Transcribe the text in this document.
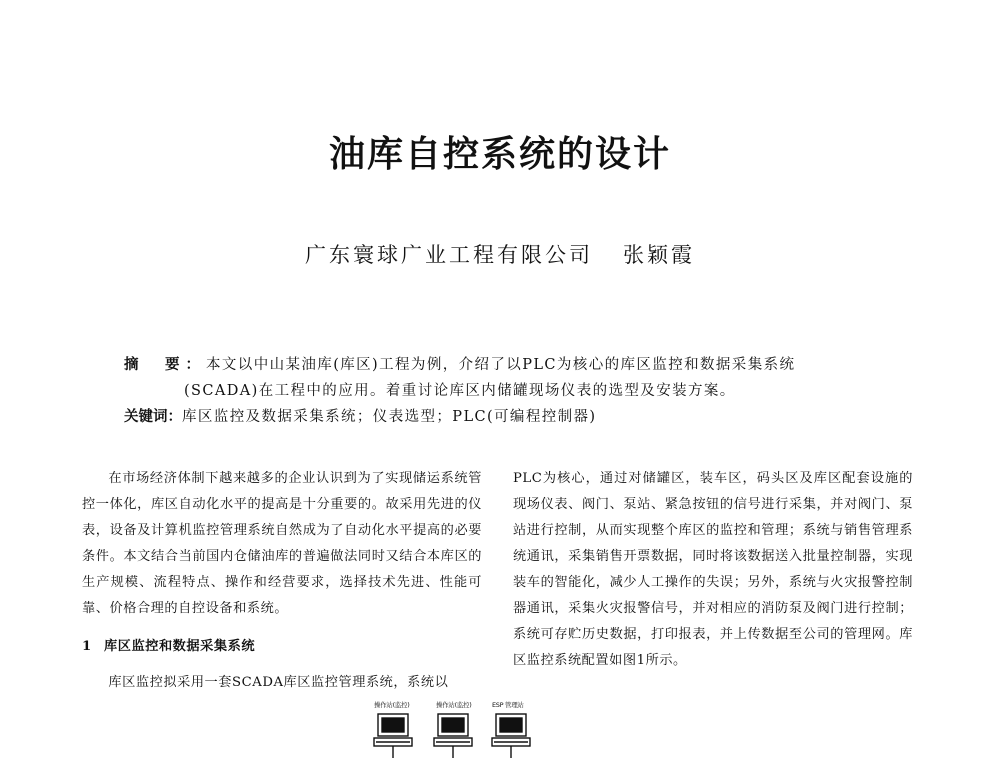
油库自控系统的设计
广东寰球广业工程有限公司 张颖霞
摘　要：本文以中山某油库(库区)工程为例，介绍了以PLC为核心的库区监控和数据采集系统
(SCADA)在工程中的应用。着重讨论库区内储罐现场仪表的选型及安装方案。
关键词：库区监控及数据采集系统；仪表选型；PLC(可编程控制器)

在市场经济体制下越来越多的企业认识到为了实现储运系统管控一体化，库区自动化水平的提高是十分重要的。故采用先进的仪表，设备及计算机监控管理系统自然成为了自动化水平提高的必要条件。本文结合当前国内仓储油库的普遍做法同时又结合本库区的生产规模、流程特点、操作和经营要求，选择技术先进、性能可靠、价格合理的自控设备和系统。

1 库区监控和数据采集系统

库区监控拟采用一套SCADA库区监控管理系统，系统以

PLC为核心，通过对储罐区，装车区，码头区及库区配套设施的现场仪表、阀门、泵站、紧急按钮的信号进行采集，并对阀门、泵站进行控制，从而实现整个库区的监控和管理；系统与销售管理系统通讯，采集销售开票数据，同时将该数据送入批量控制器，实现装车的智能化，减少人工操作的失误；另外，系统与火灾报警控制器通讯，采集火灾报警信号，并对相应的消防泵及阀门进行控制；系统可存贮历史数据，打印报表，并上传数据至公司的管理网。库区监控系统配置如图1所示。

操作站(监控)	操作站(监控)	ESP 管理站
